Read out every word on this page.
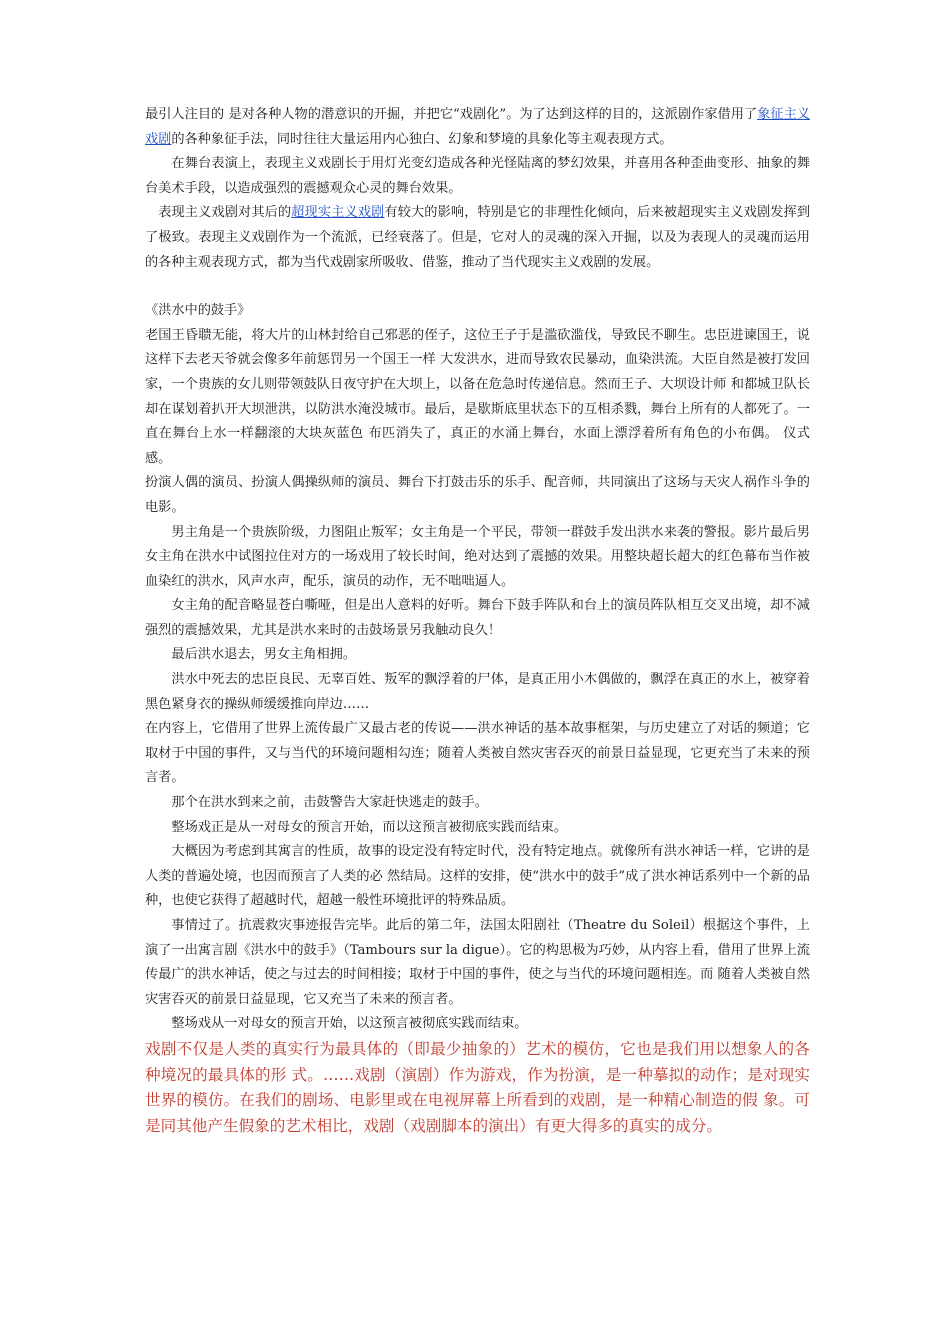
最引人注目的 是对各种人物的潜意识的开掘，并把它“戏剧化”。为了达到这样的目的，这派剧作家借用了象征主义戏剧的各种象征手法，同时往往大量运用内心独白、幻象和梦境的具象化等主观表现方式。

在舞台表演上，表现主义戏剧长于用灯光变幻造成各种光怪陆离的梦幻效果，并喜用各种歪曲变形、抽象的舞台美术手段，以造成强烈的震撼观众心灵的舞台效果。

表现主义戏剧对其后的超现实主义戏剧有较大的影响，特别是它的非理性化倾向，后来被超现实主义戏剧发挥到了极致。表现主义戏剧作为一个流派，已经衰落了。但是，它对人的灵魂的深入开掘，以及为表现人的灵魂而运用的各种主观表现方式，都为当代戏剧家所吸收、借鉴，推动了当代现实主义戏剧的发展。

《洪水中的鼓手》

老国王昏聩无能，将大片的山林封给自己邪恶的侄子，这位王子于是滥砍滥伐，导致民不聊生。忠臣进谏国王，说这样下去老天爷就会像多年前惩罚另一个国王一样 大发洪水，进而导致农民暴动，血染洪流。大臣自然是被打发回家，一个贵族的女儿则带领鼓队日夜守护在大坝上，以备在危急时传递信息。然而王子、大坝设计师 和都城卫队长却在谋划着扒开大坝泄洪，以防洪水淹没城市。最后，是歇斯底里状态下的互相杀戮，舞台上所有的人都死了。一直在舞台上水一样翻滚的大块灰蓝色 布匹消失了，真正的水涌上舞台，水面上漂浮着所有角色的小布偶。 仪式感。

扮演人偶的演员、扮演人偶操纵师的演员、舞台下打鼓击乐的乐手、配音师，共同演出了这场与天灾人祸作斗争的电影。

男主角是一个贵族阶级，力图阻止叛军；女主角是一个平民，带领一群鼓手发出洪水来袭的警报。影片最后男女主角在洪水中试图拉住对方的一场戏用了较长时间，绝对达到了震撼的效果。用整块超长超大的红色幕布当作被血染红的洪水，风声水声，配乐，演员的动作，无不咄咄逼人。

女主角的配音略显苍白嘶哑，但是出人意料的好听。舞台下鼓手阵队和台上的演员阵队相互交叉出境，却不减强烈的震撼效果，尤其是洪水来时的击鼓场景另我触动良久！

最后洪水退去，男女主角相拥。

洪水中死去的忠臣良民、无辜百姓、叛军的飘浮着的尸体，是真正用小木偶做的，飘浮在真正的水上，被穿着黑色紧身衣的操纵师缓缓推向岸边……

在内容上，它借用了世界上流传最广又最古老的传说——洪水神话的基本故事框架，与历史建立了对话的频道；它取材于中国的事件，又与当代的环境问题相勾连；随着人类被自然灾害吞灭的前景日益显现，它更充当了未来的预言者。

那个在洪水到来之前，击鼓警告大家赶快逃走的鼓手。

整场戏正是从一对母女的预言开始，而以这预言被彻底实践而结束。

大概因为考虑到其寓言的性质，故事的设定没有特定时代，没有特定地点。就像所有洪水神话一样，它讲的是人类的普遍处境，也因而预言了人类的必 然结局。这样的安排，使“洪水中的鼓手”成了洪水神话系列中一个新的品种，也使它获得了超越时代，超越一般性环境批评的特殊品质。

事情过了。抗震救灾事迹报告完毕。此后的第二年，法国太阳剧社（Theatre du Soleil）根据这个事件，上演了一出寓言剧《洪水中的鼓手》（Tambours sur la digue）。它的构思极为巧妙，从内容上看，借用了世界上流传最广的洪水神话，使之与过去的时间相接；取材于中国的事件，使之与当代的环境问题相连。而 随着人类被自然灾害吞灭的前景日益显现，它又充当了未来的预言者。

整场戏从一对母女的预言开始，以这预言被彻底实践而结束。

戏剧不仅是人类的真实行为最具体的（即最少抽象的）艺术的模仿，它也是我们用以想象人的各种境况的最具体的形 式。……戏剧（演剧）作为游戏，作为扮演，是一种摹拟的动作；是对现实世界的模仿。在我们的剧场、电影里或在电视屏幕上所看到的戏剧，是一种精心制造的假 象。可是同其他产生假象的艺术相比，戏剧（戏剧脚本的演出）有更大得多的真实的成分。
